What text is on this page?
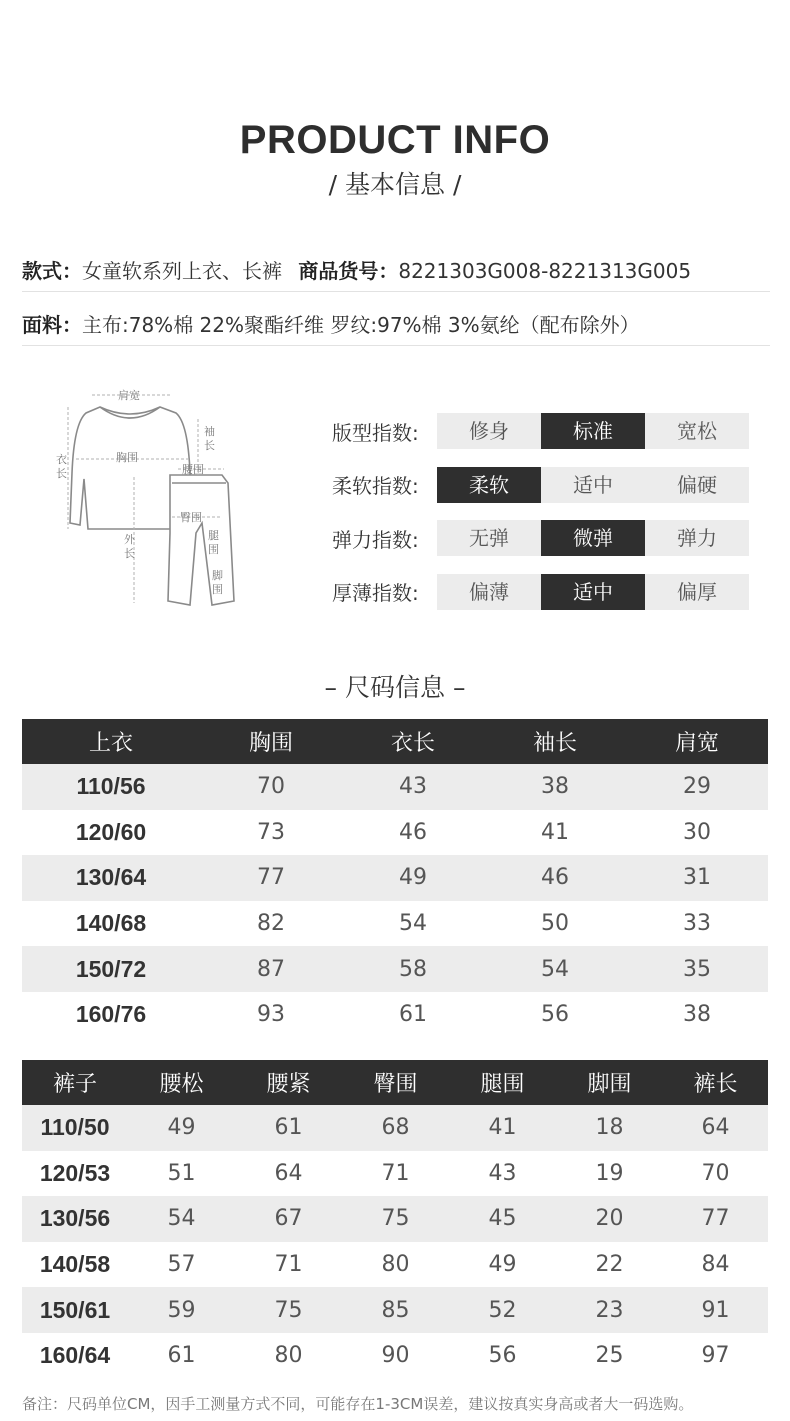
PRODUCT INFO
/ 基本信息 /
款式：女童软系列上衣、长裤 商品货号：8221303G008-8221313G005
面料：主布:78%棉 22%聚酯纤维 罗纹:97%棉 3%氨纶（配布除外）
肩宽
袖
长
胸围
衣
长	腰围
臀围
腿
围
外
长
脚
围
版型指数:	修身	标准	宽松
柔软指数:	柔软	适中	偏硬
弹力指数:	无弹	微弹	弹力
厚薄指数:	偏薄	适中	偏厚
– 尺码信息 –
上衣	胸围	衣长	袖长	肩宽
110/56	70	43	38	29
120/60	73	46	41	30
130/64	77	49	46	31
140/68	82	54	50	33
150/72	87	58	54	35
160/76	93	61	56	38
裤子	腰松	腰紧	臀围	腿围	脚围	裤长
110/50	49	61	68	41	18	64
120/53	51	64	71	43	19	70
130/56	54	67	75	45	20	77
140/58	57	71	80	49	22	84
150/61	59	75	85	52	23	91
160/64	61	80	90	56	25	97
备注：尺码单位CM，因手工测量方式不同，可能存在1-3CM误差，建议按真实身高或者大一码选购。
